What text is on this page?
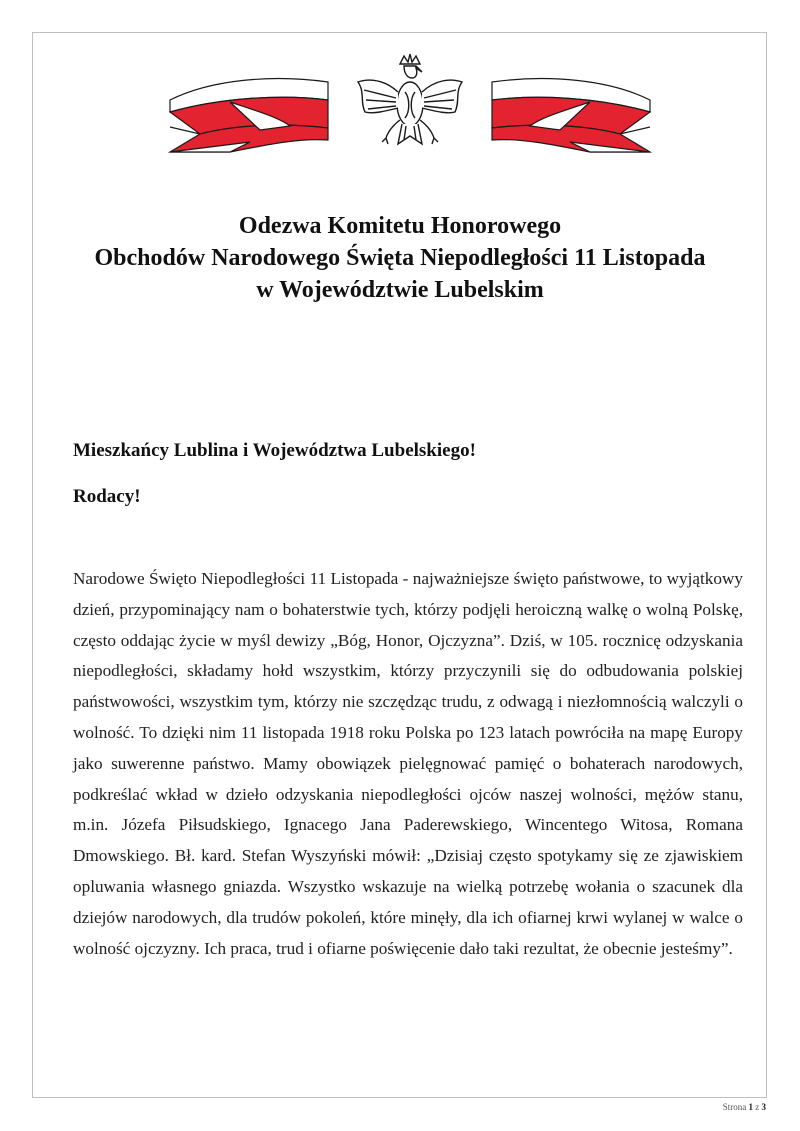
Odezwa Komitetu Honorowego
Obchodów Narodowego Święta Niepodległości 11 Listopada
w Województwie Lubelskim
Mieszkańcy Lublina i Województwa Lubelskiego!
Rodacy!
Narodowe Święto Niepodległości 11 Listopada - najważniejsze święto państwowe, to wyjątkowy dzień, przypominający nam o bohaterstwie tych, którzy podjęli heroiczną walkę o wolną Polskę, często oddając życie w myśl dewizy „Bóg, Honor, Ojczyzna”. Dziś, w 105. rocznicę odzyskania niepodległości, składamy hołd wszystkim, którzy przyczynili się do odbudowania polskiej państwowości, wszystkim tym, którzy nie szczędząc trudu, z odwagą i niezłomnością walczyli o wolność. To dzięki nim 11 listopada 1918 roku Polska po 123 latach powróciła na mapę Europy jako suwerenne państwo. Mamy obowiązek pielęgnować pamięć o bohaterach narodowych, podkreślać wkład w dzieło odzyskania niepodległości ojców naszej wolności, mężów stanu, m.in. Józefa Piłsudskiego, Ignacego Jana Paderewskiego, Wincentego Witosa, Romana Dmowskiego. Bł. kard. Stefan Wyszyński mówił: „Dzisiaj często spotykamy się ze zjawiskiem opluwania własnego gniazda. Wszystko wskazuje na wielką potrzebę wołania o szacunek dla dziejów narodowych, dla trudów pokoleń, które minęły, dla ich ofiarnej krwi wylanej w walce o wolność ojczyzny. Ich praca, trud i ofiarne poświęcenie dało taki rezultat, że obecnie jesteśmy”.
Strona 1 z 3
